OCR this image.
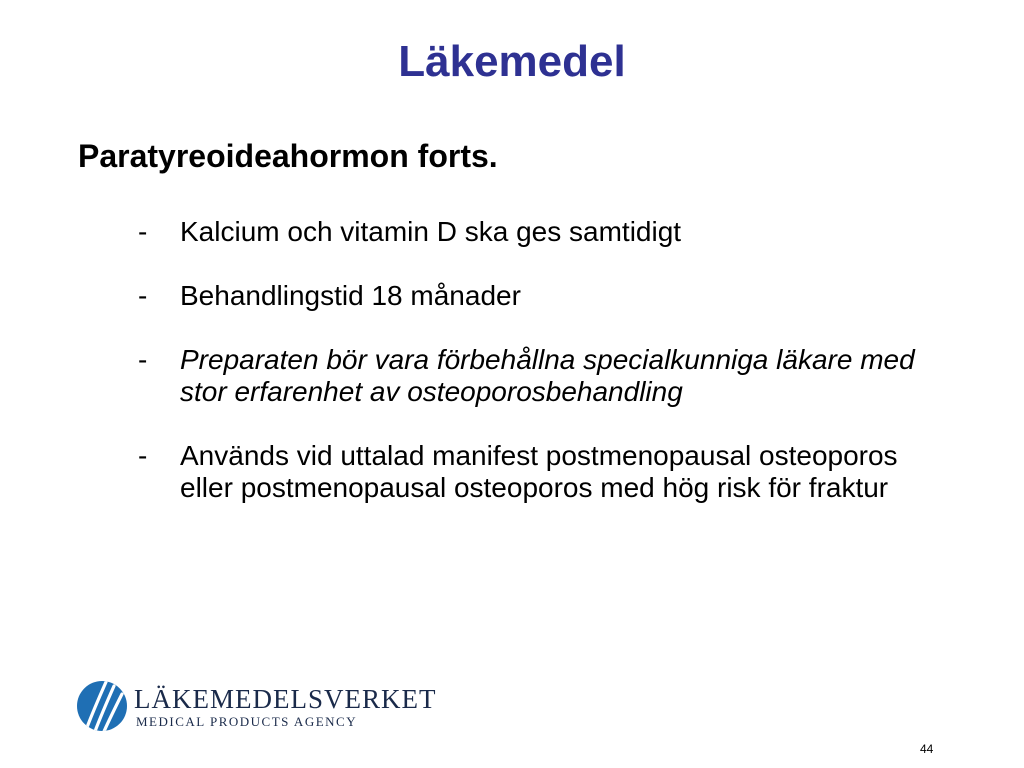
Läkemedel
Paratyreoideahormon forts.
- Kalcium och vitamin D ska ges samtidigt
- Behandlingstid 18 månader
- Preparaten bör vara förbehållna specialkunniga läkare med stor erfarenhet av osteoporosbehandling
- Används vid uttalad manifest postmenopausal osteoporos eller postmenopausal osteoporos med hög risk för fraktur
LÄKEMEDELSVERKET
MEDICAL PRODUCTS AGENCY
44
